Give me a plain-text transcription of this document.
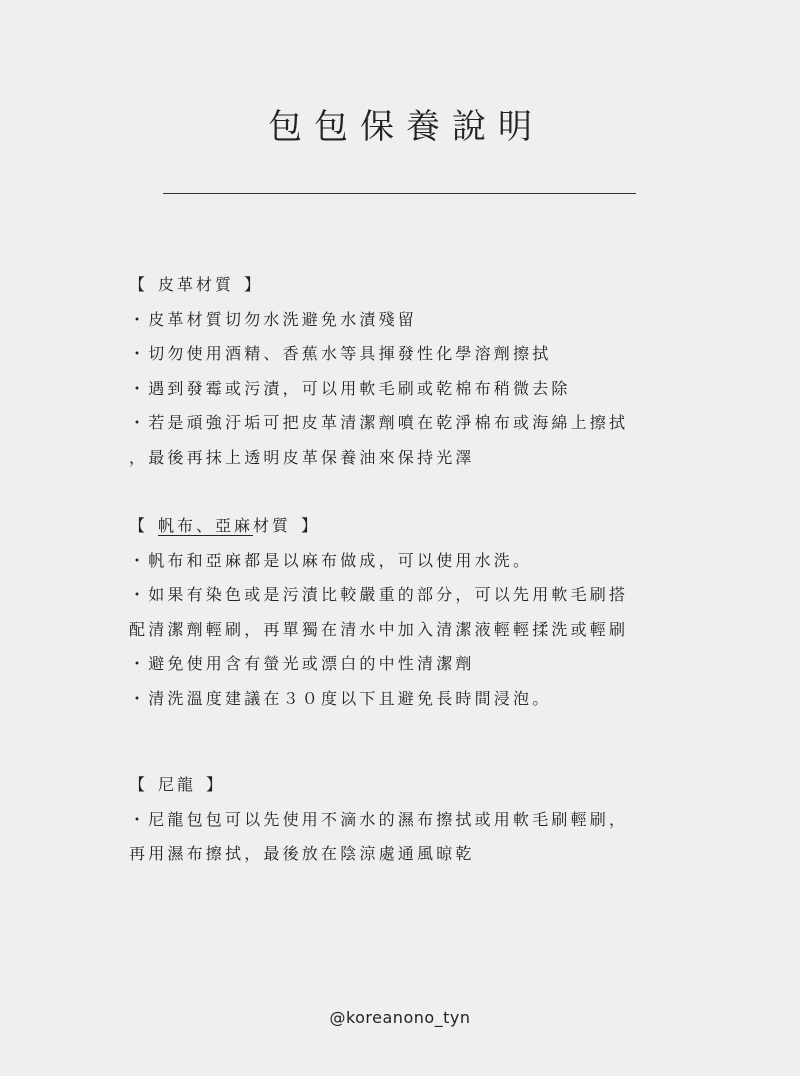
包包保養說明
【 皮革材質 】
・皮革材質切勿水洗避免水漬殘留
・切勿使用酒精、香蕉水等具揮發性化學溶劑擦拭
・遇到發霉或污漬，可以用軟毛刷或乾棉布稍微去除
・若是頑強汙垢可把皮革清潔劑噴在乾淨棉布或海綿上擦拭
，最後再抹上透明皮革保養油來保持光澤
【 帆布、亞麻材質 】
・帆布和亞麻都是以麻布做成，可以使用水洗。
・如果有染色或是污漬比較嚴重的部分，可以先用軟毛刷搭
配清潔劑輕刷，再單獨在清水中加入清潔液輕輕揉洗或輕刷
・避免使用含有螢光或漂白的中性清潔劑
・清洗溫度建議在３０度以下且避免長時間浸泡。
【 尼龍 】
・尼龍包包可以先使用不滴水的濕布擦拭或用軟毛刷輕刷，
再用濕布擦拭，最後放在陰涼處通風晾乾
@koreanono_tyn
